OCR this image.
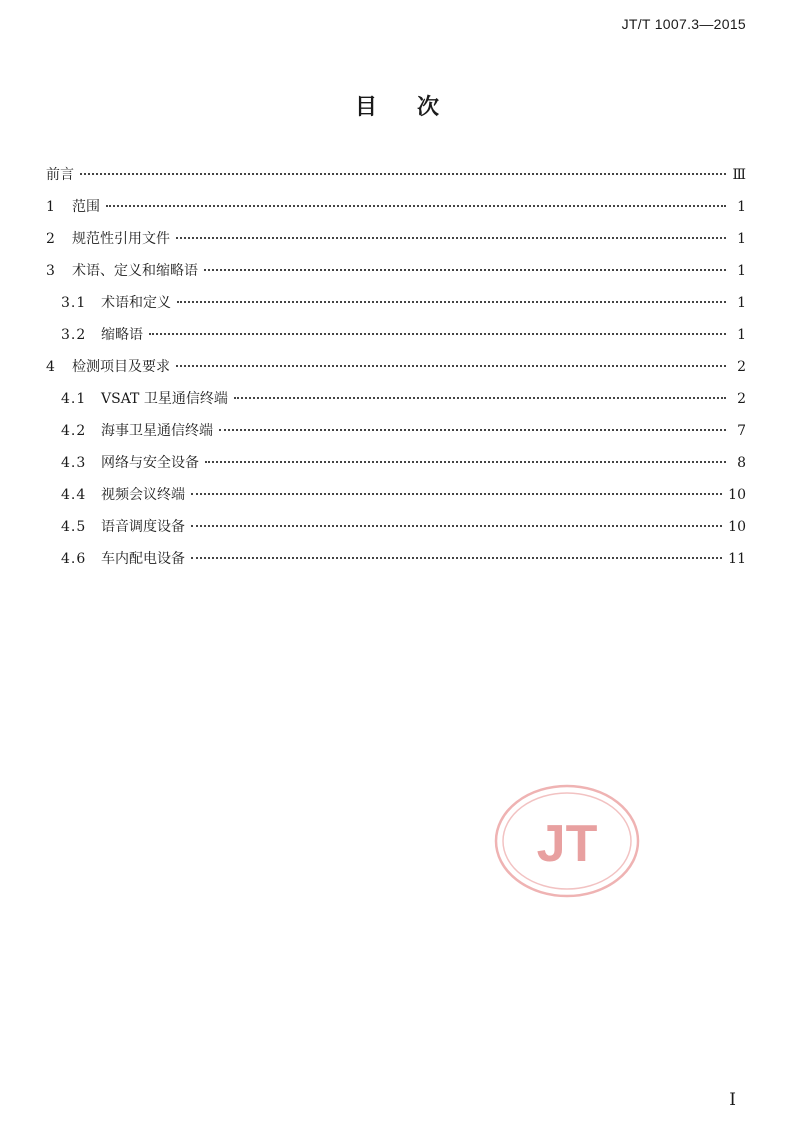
JT/T 1007.3—2015
目次
前言	Ⅲ
1	范围	1
2	规范性引用文件	1
3	术语、定义和缩略语	1
3.1	术语和定义	1
3.2	缩略语	1
4	检测项目及要求	2
4.1	VSAT 卫星通信终端	2
4.2	海事卫星通信终端	7
4.3	网络与安全设备	8
4.4	视频会议终端	10
4.5	语音调度设备	10
4.6	车内配电设备	11
JT
I
